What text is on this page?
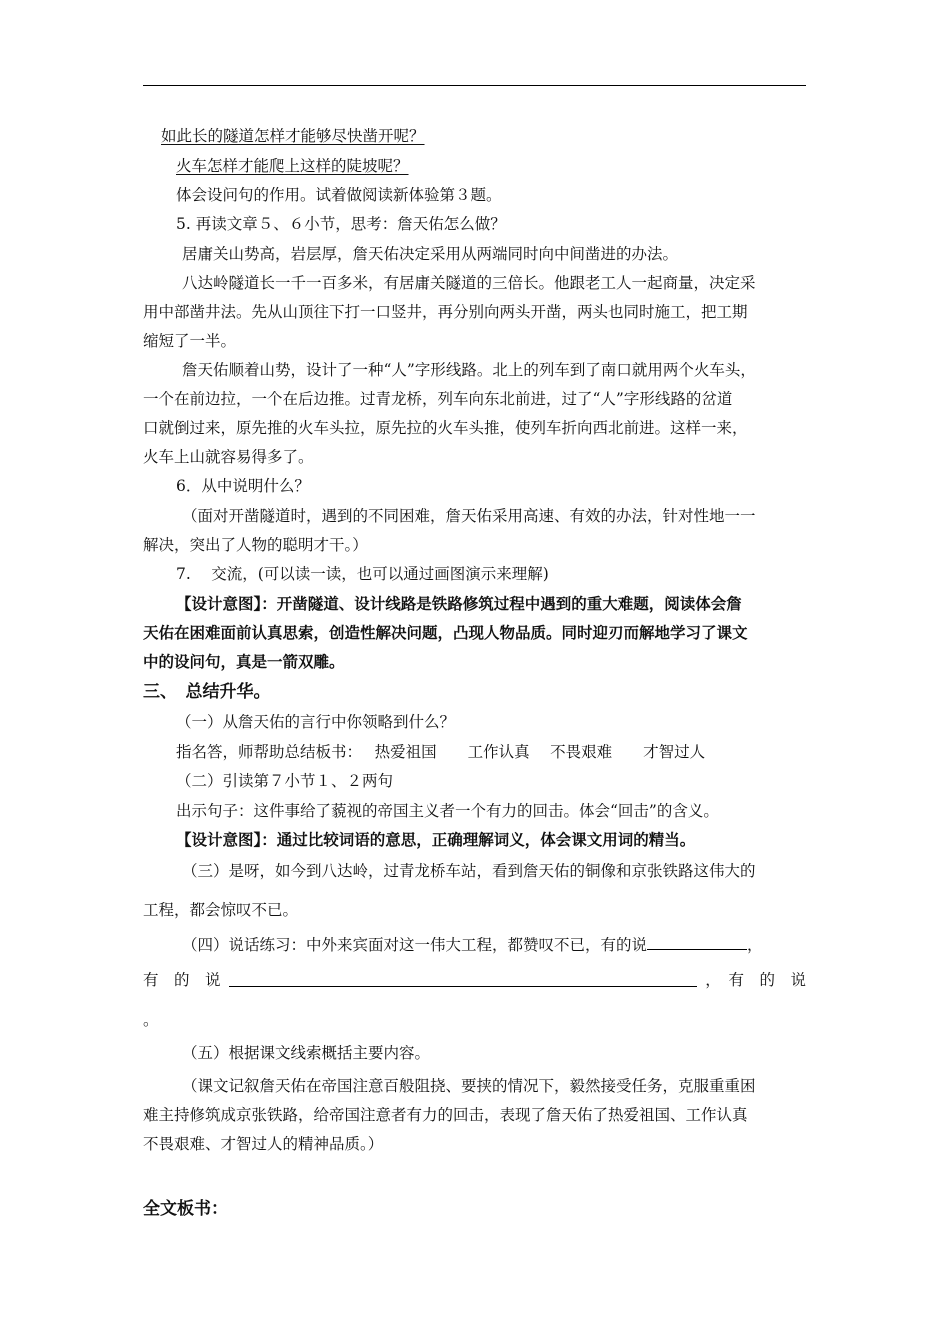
如此长的隧道怎样才能够尽快凿开呢？
火车怎样才能爬上这样的陡坡呢？
体会设问句的作用。试着做阅读新体验第３题。
5. 再读文章５、６小节，思考：詹天佑怎么做？
居庸关山势高，岩层厚，詹天佑决定采用从两端同时向中间凿进的办法。
八达岭隧道长一千一百多米，有居庸关隧道的三倍长。他跟老工人一起商量，决定采
用中部凿井法。先从山顶往下打一口竖井，再分别向两头开凿，两头也同时施工，把工期
缩短了一半。
詹天佑顺着山势，设计了一种“人”字形线路。北上的列车到了南口就用两个火车头，
一个在前边拉，一个在后边推。过青龙桥，列车向东北前进，过了“人”字形线路的岔道
口就倒过来，原先推的火车头拉，原先拉的火车头推，使列车折向西北前进。这样一来，
火车上山就容易得多了。
6．从中说明什么？
（面对开凿隧道时，遇到的不同困难，詹天佑采用高速、有效的办法，针对性地一一
解决，突出了人物的聪明才干。）
7.　 交流，(可以读一读，也可以通过画图演示来理解)
【设计意图】：开凿隧道、设计线路是铁路修筑过程中遇到的重大难题，阅读体会詹
天佑在困难面前认真思索，创造性解决问题，凸现人物品质。同时迎刃而解地学习了课文
中的设问句，真是一箭双雕。
三、　总结升华。
（一）从詹天佑的言行中你领略到什么？
指名答，师帮助总结板书：　 热爱祖国　　工作认真　 不畏艰难　　才智过人
（二）引读第７小节１、２两句
出示句子：这件事给了藐视的帝国主义者一个有力的回击。体会“回击”的含义。
【设计意图】：通过比较词语的意思，正确理解词义，体会课文用词的精当。
（三）是呀，如今到八达岭，过青龙桥车站，看到詹天佑的铜像和京张铁路这伟大的
工程，都会惊叹不已。
（四）说话练习：中外来宾面对这一伟大工程，都赞叹不已，有的说	，
有　的　说	，　有　的　说
。
（五）根据课文线索概括主要内容。
（课文记叙詹天佑在帝国注意百般阻挠、要挟的情况下，毅然接受任务，克服重重困
难主持修筑成京张铁路，给帝国注意者有力的回击，表现了詹天佑了热爱祖国、工作认真
不畏艰难、才智过人的精神品质。）
全文板书：
